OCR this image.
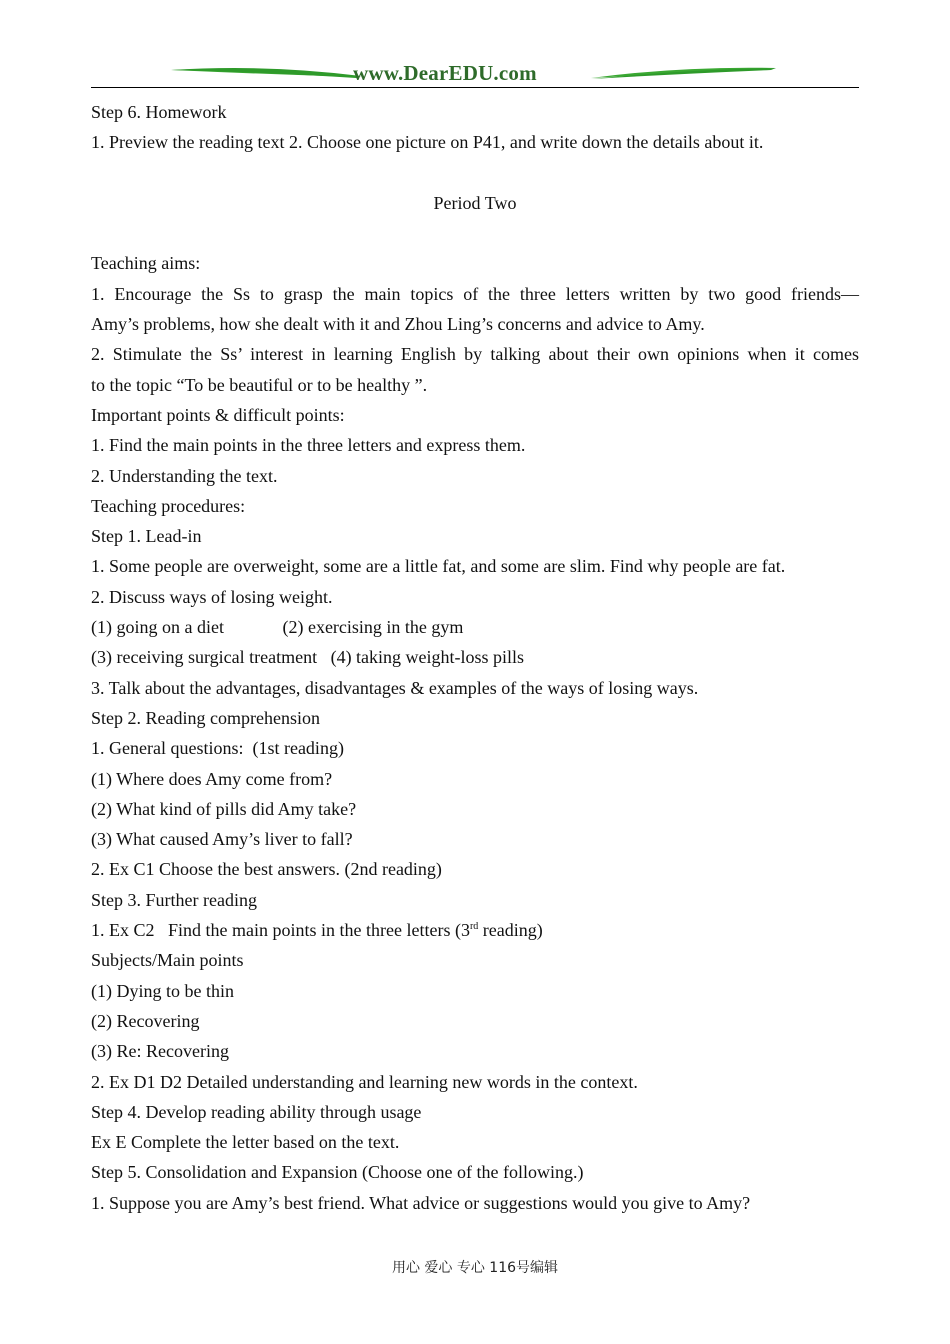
www.DearEDU.com
Step 6. Homework
1. Preview the reading text 2. Choose one picture on P41, and write down the details about it.
Period Two
Teaching aims:
1. Encourage the Ss to grasp the main topics of the three letters written by two good friends—
Amy’s problems, how she dealt with it and Zhou Ling’s concerns and advice to Amy.
2. Stimulate the Ss’ interest in learning English by talking about their own opinions when it comes
to the topic “To be beautiful or to be healthy ”.
Important points & difficult points:
1. Find the main points in the three letters and express them.
2. Understanding the text.
Teaching procedures:
Step 1. Lead-in
1. Some people are overweight, some are a little fat, and some are slim. Find why people are fat.
2. Discuss ways of losing weight.
(1) going on a diet             (2) exercising in the gym
(3) receiving surgical treatment   (4) taking weight-loss pills
3. Talk about the advantages, disadvantages & examples of the ways of losing ways.
Step 2. Reading comprehension
1. General questions:  (1st reading)
(1) Where does Amy come from?
(2) What kind of pills did Amy take?
(3) What caused Amy’s liver to fall?
2. Ex C1 Choose the best answers. (2nd reading)
Step 3. Further reading
1. Ex C2   Find the main points in the three letters (3rd reading)
Subjects/Main points
(1) Dying to be thin
(2) Recovering
(3) Re: Recovering
2. Ex D1 D2 Detailed understanding and learning new words in the context.
Step 4. Develop reading ability through usage
Ex E Complete the letter based on the text.
Step 5. Consolidation and Expansion (Choose one of the following.)
1. Suppose you are Amy’s best friend. What advice or suggestions would you give to Amy?
用心 爱心 专心 116号编辑
